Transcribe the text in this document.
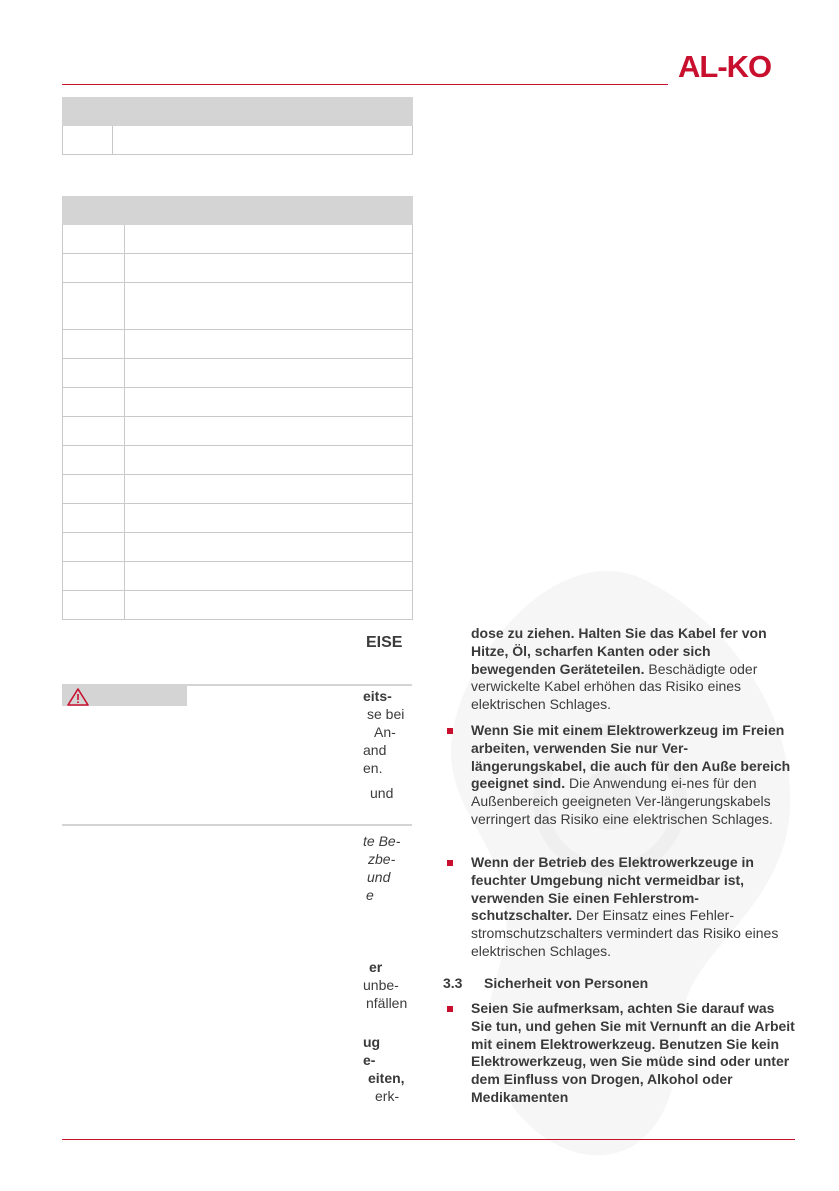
AL-KO

EISE
eits-
se bei
An-
and
en.
und
te Be-
zbe-
und
e
er
unbe-
nfällen
ug
e-
eiten,
erk-

dose zu ziehen. Halten Sie das Kabel fer von Hitze, Öl, scharfen Kanten oder sich bewegenden Geräteteilen. Beschädigte oder verwickelte Kabel erhöhen das Risiko eines elektrischen Schlages.

Wenn Sie mit einem Elektrowerkzeug im Freien arbeiten, verwenden Sie nur Ver-längerungskabel, die auch für den Auße bereich geeignet sind. Die Anwendung ei-nes für den Außenbereich geeigneten Ver-längerungskabels verringert das Risiko eine elektrischen Schlages.
Wenn der Betrieb des Elektrowerkzeuge in feuchter Umgebung nicht vermeidbar ist, verwenden Sie einen Fehlerstrom-schutzschalter. Der Einsatz eines Fehler-stromschutzschalters vermindert das Risiko eines elektrischen Schlages.
3.3 Sicherheit von Personen
Seien Sie aufmerksam, achten Sie darauf was Sie tun, und gehen Sie mit Vernunft an die Arbeit mit einem Elektrowerkzeug. Benutzen Sie kein Elektrowerkzeug, wen Sie müde sind oder unter dem Einfluss von Drogen, Alkohol oder Medikamenten
